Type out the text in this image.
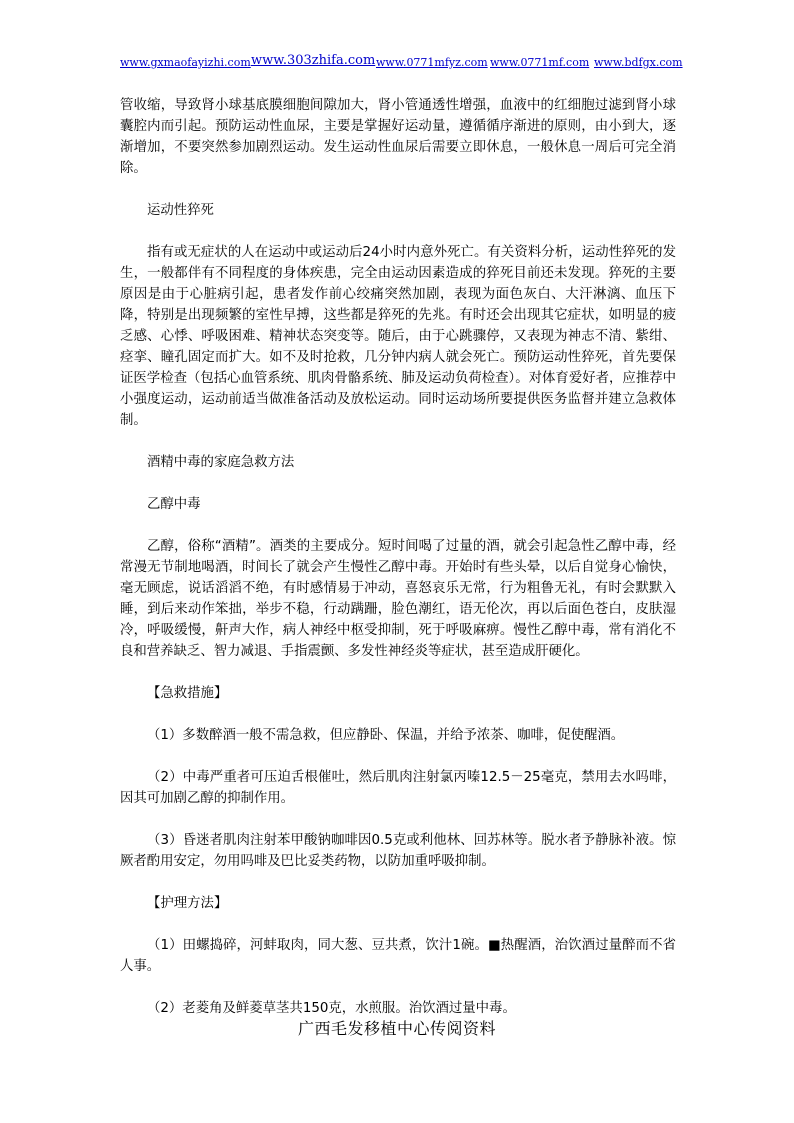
www.gxmaofayizhi.com www.303zhifa.com www.0771mfyz.com www.0771mf.com www.bdfgx.com

管收缩，导致肾小球基底膜细胞间隙加大，肾小管通透性增强，血液中的红细胞过滤到肾小球囊腔内而引起。预防运动性血尿，主要是掌握好运动量，遵循循序渐进的原则，由小到大，逐渐增加，不要突然参加剧烈运动。发生运动性血尿后需要立即休息，一般休息一周后可完全消除。

运动性猝死

指有或无症状的人在运动中或运动后24小时内意外死亡。有关资料分析，运动性猝死的发生，一般都伴有不同程度的身体疾患，完全由运动因素造成的猝死目前还未发现。猝死的主要原因是由于心脏病引起，患者发作前心绞痛突然加剧，表现为面色灰白、大汗淋漓、血压下降，特别是出现频繁的室性早搏，这些都是猝死的先兆。有时还会出现其它症状，如明显的疲乏感、心悸、呼吸困难、精神状态突变等。随后，由于心跳骤停，又表现为神志不清、紫绀、痉挛、瞳孔固定而扩大。如不及时抢救，几分钟内病人就会死亡。预防运动性猝死，首先要保证医学检查（包括心血管系统、肌肉骨骼系统、肺及运动负荷检查）。对体育爱好者，应推荐中小强度运动，运动前适当做准备活动及放松运动。同时运动场所要提供医务监督并建立急救体制。

酒精中毒的家庭急救方法

乙醇中毒

乙醇，俗称“酒精”。酒类的主要成分。短时间喝了过量的酒，就会引起急性乙醇中毒，经常漫无节制地喝酒，时间长了就会产生慢性乙醇中毒。开始时有些头晕，以后自觉身心愉快，毫无顾虑，说话滔滔不绝，有时感情易于冲动，喜怒哀乐无常，行为粗鲁无礼，有时会默默入睡，到后来动作笨拙，举步不稳，行动蹒跚，脸色潮红，语无伦次，再以后面色苍白，皮肤湿冷，呼吸缓慢，鼾声大作，病人神经中枢受抑制，死于呼吸麻痹。慢性乙醇中毒，常有消化不良和营养缺乏、智力减退、手指震颤、多发性神经炎等症状，甚至造成肝硬化。

【急救措施】

（1）多数醉酒一般不需急救，但应静卧、保温，并给予浓茶、咖啡，促使醒酒。

（2）中毒严重者可压迫舌根催吐，然后肌肉注射氯丙嗪12.5－25毫克，禁用去水吗啡，因其可加剧乙醇的抑制作用。

（3）昏迷者肌肉注射苯甲酸钠咖啡因0.5克或利他林、回苏林等。脱水者予静脉补液。惊厥者酌用安定，勿用吗啡及巴比妥类药物，以防加重呼吸抑制。

【护理方法】

（1）田螺捣碎，河蚌取肉，同大葱、豆共煮，饮汁1碗。■热醒酒，治饮酒过量醉而不省人事。

（2）老菱角及鲜菱草茎共150克，水煎服。治饮酒过量中毒。

广西毛发移植中心传阅资料
